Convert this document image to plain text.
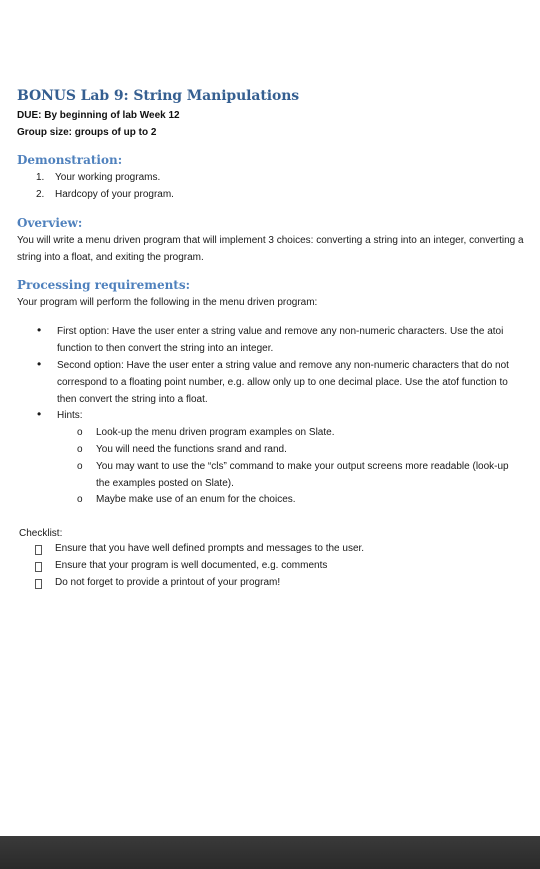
BONUS Lab 9: String Manipulations
DUE: By beginning of lab Week 12
Group size: groups of up to 2
Demonstration:
1. Your working programs.
2. Hardcopy of your program.
Overview:
You will write a menu driven program that will implement 3 choices: converting a string into an integer, converting a string into a float, and exiting the program.
Processing requirements:
Your program will perform the following in the menu driven program:
• First option: Have the user enter a string value and remove any non-numeric characters. Use the atoi function to then convert the string into an integer.
• Second option: Have the user enter a string value and remove any non-numeric characters that do not correspond to a floating point number, e.g. allow only up to one decimal place. Use the atof function to then convert the string into a float.
• Hints:
o Look-up the menu driven program examples on Slate.
o You will need the functions srand and rand.
o You may want to use the “cls” command to make your output screens more readable (look-up the examples posted on Slate).
o Maybe make use of an enum for the choices.
Checklist:
Ensure that you have well defined prompts and messages to the user.
Ensure that your program is well documented, e.g. comments
Do not forget to provide a printout of your program!
